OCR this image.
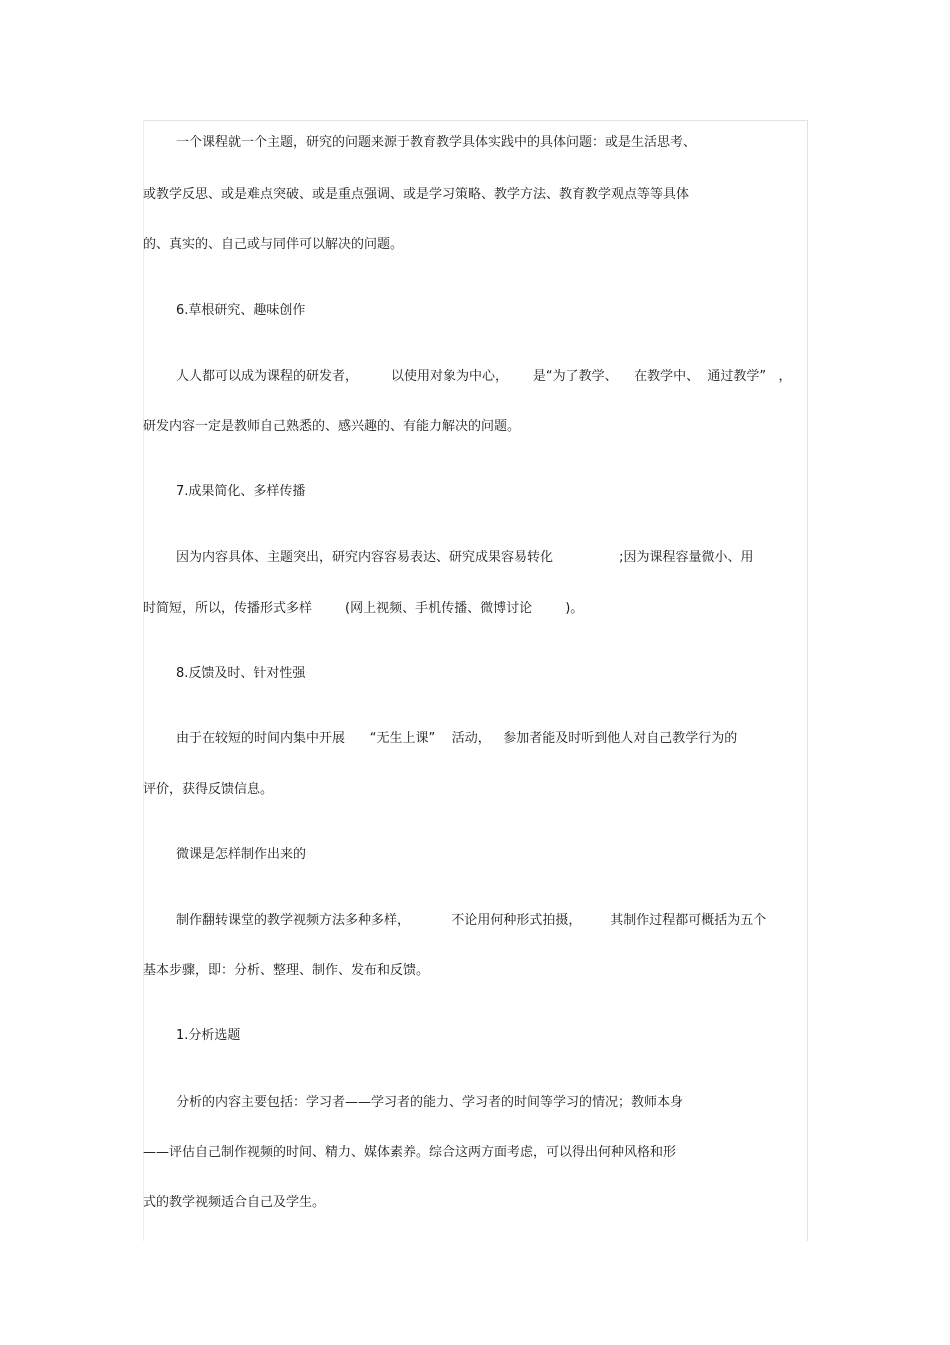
一个课程就一个主题，研究的问题来源于教育教学具体实践中的具体问题：或是生活思考、
或教学反思、或是难点突破、或是重点强调、或是学习策略、教学方法、教育教学观点等等具体
的、真实的、自己或与同伴可以解决的问题。
6.草根研究、趣味创作
人人都可以成为课程的研发者，        以使用对象为中心，      是“为了教学、    在教学中、  通过教学”   ，
研发内容一定是教师自己熟悉的、感兴趣的、有能力解决的问题。
7.成果简化、多样传播
因为内容具体、主题突出，研究内容容易表达、研究成果容易转化                ;因为课程容量微小、用
时简短，所以，传播形式多样        (网上视频、手机传播、微博讨论        )。
8.反馈及时、针对性强
由于在较短的时间内集中开展      “无生上课”    活动，   参加者能及时听到他人对自己教学行为的
评价，获得反馈信息。
微课是怎样制作出来的
制作翻转课堂的教学视频方法多种多样，          不论用何种形式拍摄，       其制作过程都可概括为五个
基本步骤，即：分析、整理、制作、发布和反馈。
1.分析选题
分析的内容主要包括：学习者——学习者的能力、学习者的时间等学习的情况；教师本身
——评估自己制作视频的时间、精力、媒体素养。综合这两方面考虑，可以得出何种风格和形
式的教学视频适合自己及学生。
